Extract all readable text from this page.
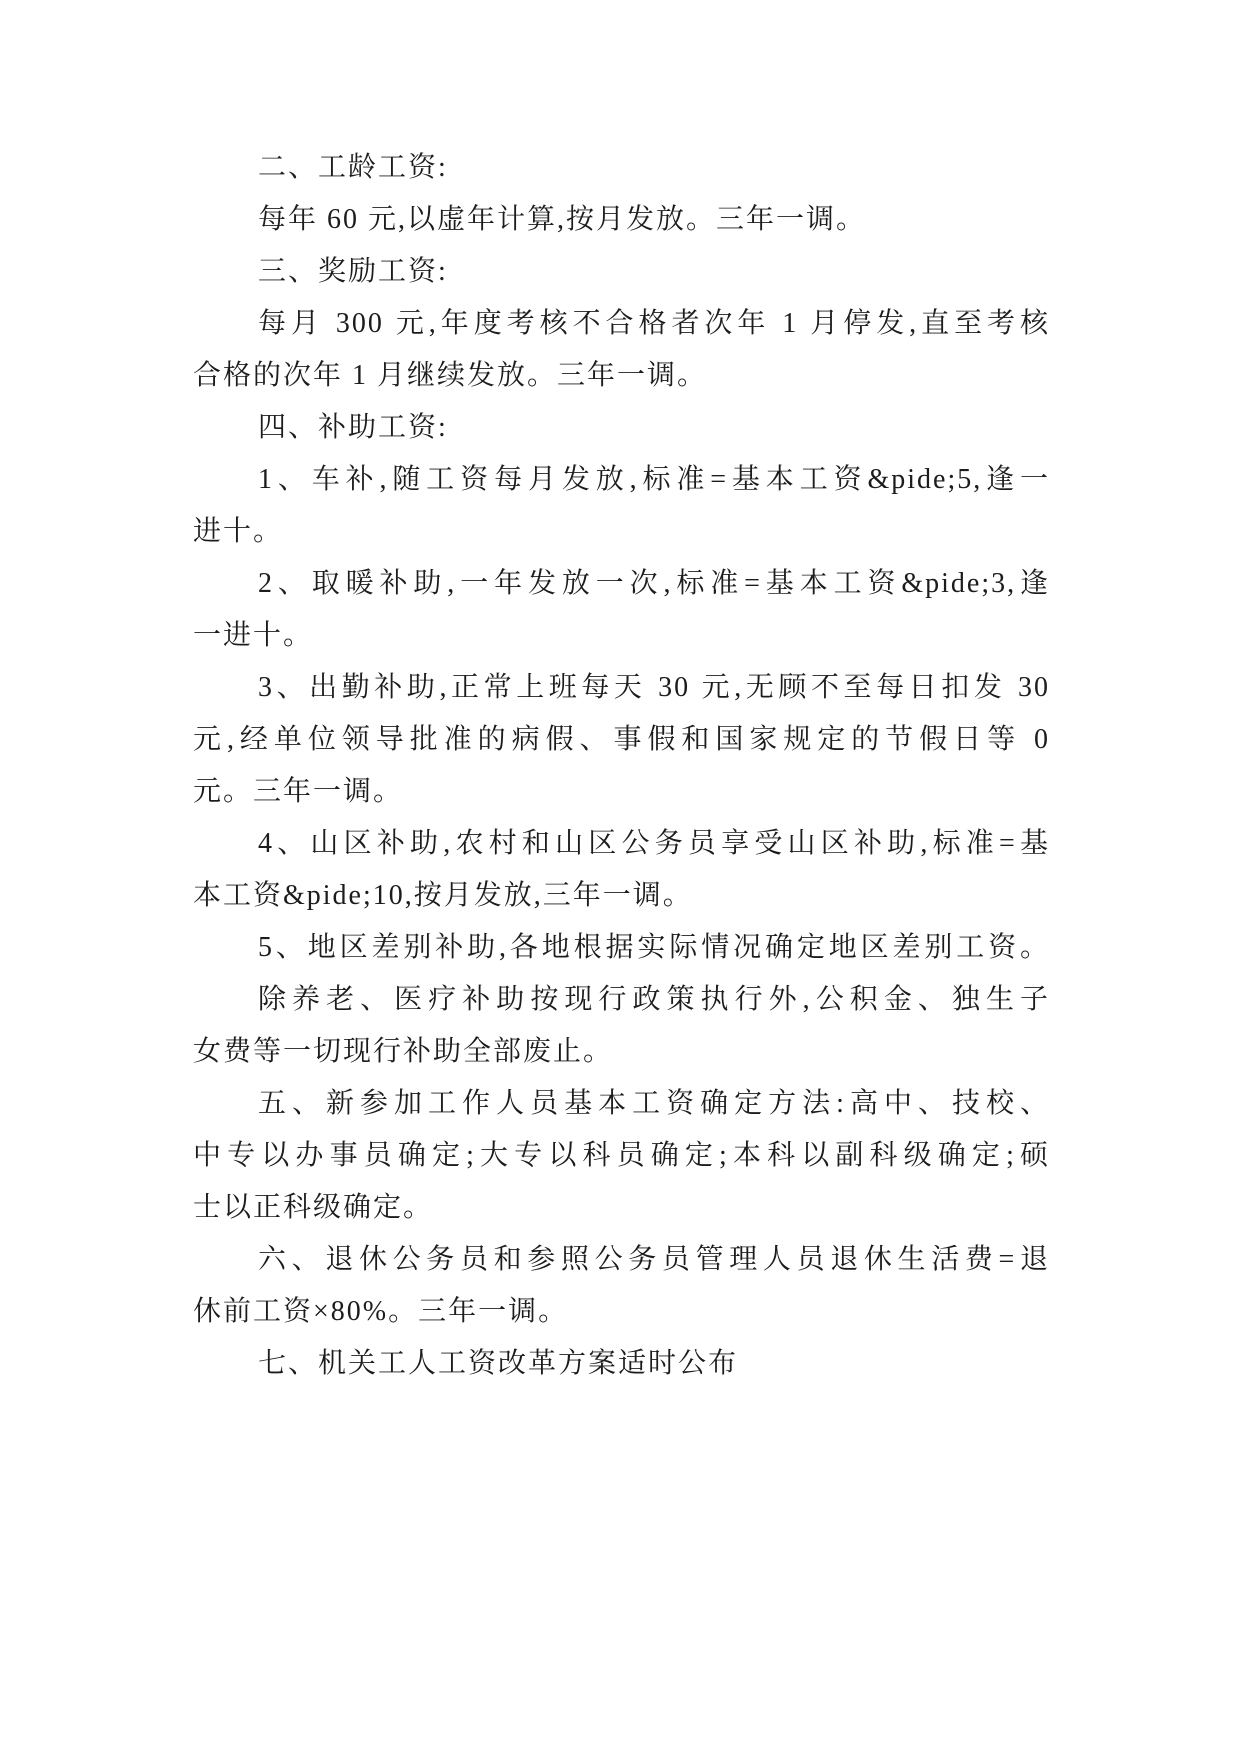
二、工龄工资:
每年 60 元,以虚年计算,按月发放。三年一调。
三、奖励工资:
每月 300 元,年度考核不合格者次年 1 月停发,直至考核
合格的次年 1 月继续发放。三年一调。
四、补助工资:
1、车补,随工资每月发放,标准=基本工资&pide;5,逢一
进十。
2、取暖补助,一年发放一次,标准=基本工资&pide;3,逢
一进十。
3、出勤补助,正常上班每天 30 元,无顾不至每日扣发 30
元,经单位领导批准的病假、事假和国家规定的节假日等 0
元。三年一调。
4、山区补助,农村和山区公务员享受山区补助,标准=基
本工资&pide;10,按月发放,三年一调。
5、地区差别补助,各地根据实际情况确定地区差别工资。
除养老、医疗补助按现行政策执行外,公积金、独生子
女费等一切现行补助全部废止。
五、新参加工作人员基本工资确定方法:高中、技校、
中专以办事员确定;大专以科员确定;本科以副科级确定;硕
士以正科级确定。
六、退休公务员和参照公务员管理人员退休生活费=退
休前工资×80%。三年一调。
七、机关工人工资改革方案适时公布
